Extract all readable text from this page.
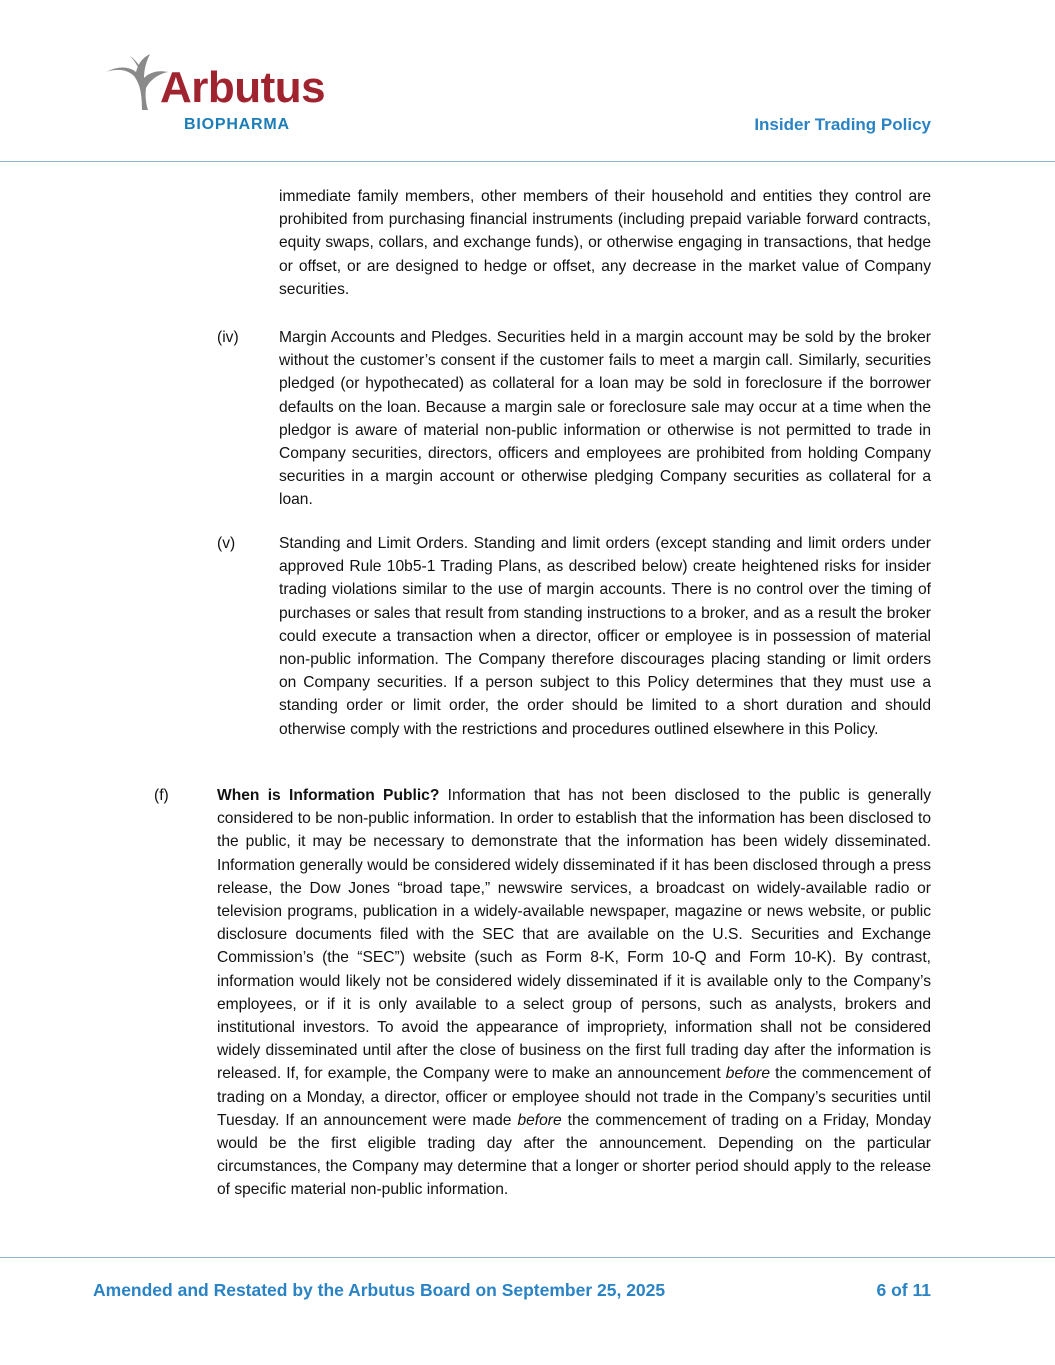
Arbutus
BIOPHARMA	Insider Trading Policy
immediate family members, other members of their household and entities they control are prohibited from purchasing financial instruments (including prepaid variable forward contracts, equity swaps, collars, and exchange funds), or otherwise engaging in transactions, that hedge or offset, or are designed to hedge or offset, any decrease in the market value of Company securities.
(iv)	Margin Accounts and Pledges. Securities held in a margin account may be sold by the broker without the customer’s consent if the customer fails to meet a margin call. Similarly, securities pledged (or hypothecated) as collateral for a loan may be sold in foreclosure if the borrower defaults on the loan. Because a margin sale or foreclosure sale may occur at a time when the pledgor is aware of material non-public information or otherwise is not permitted to trade in Company securities, directors, officers and employees are prohibited from holding Company securities in a margin account or otherwise pledging Company securities as collateral for a loan.
(v)	Standing and Limit Orders. Standing and limit orders (except standing and limit orders under approved Rule 10b5-1 Trading Plans, as described below) create heightened risks for insider trading violations similar to the use of margin accounts. There is no control over the timing of purchases or sales that result from standing instructions to a broker, and as a result the broker could execute a transaction when a director, officer or employee is in possession of material non-public information. The Company therefore discourages placing standing or limit orders on Company securities. If a person subject to this Policy determines that they must use a standing order or limit order, the order should be limited to a short duration and should otherwise comply with the restrictions and procedures outlined elsewhere in this Policy.
(f)	When is Information Public? Information that has not been disclosed to the public is generally considered to be non-public information. In order to establish that the information has been disclosed to the public, it may be necessary to demonstrate that the information has been widely disseminated. Information generally would be considered widely disseminated if it has been disclosed through a press release, the Dow Jones “broad tape,” newswire services, a broadcast on widely-available radio or television programs, publication in a widely-available newspaper, magazine or news website, or public disclosure documents filed with the SEC that are available on the U.S. Securities and Exchange Commission’s (the “SEC”) website (such as Form 8-K, Form 10-Q and Form 10-K). By contrast, information would likely not be considered widely disseminated if it is available only to the Company’s employees, or if it is only available to a select group of persons, such as analysts, brokers and institutional investors. To avoid the appearance of impropriety, information shall not be considered widely disseminated until after the close of business on the first full trading day after the information is released. If, for example, the Company were to make an announcement before the commencement of trading on a Monday, a director, officer or employee should not trade in the Company’s securities until Tuesday. If an announcement were made before the commencement of trading on a Friday, Monday would be the first eligible trading day after the announcement. Depending on the particular circumstances, the Company may determine that a longer or shorter period should apply to the release of specific material non-public information.
Amended and Restated by the Arbutus Board on September 25, 2025	6 of 11
